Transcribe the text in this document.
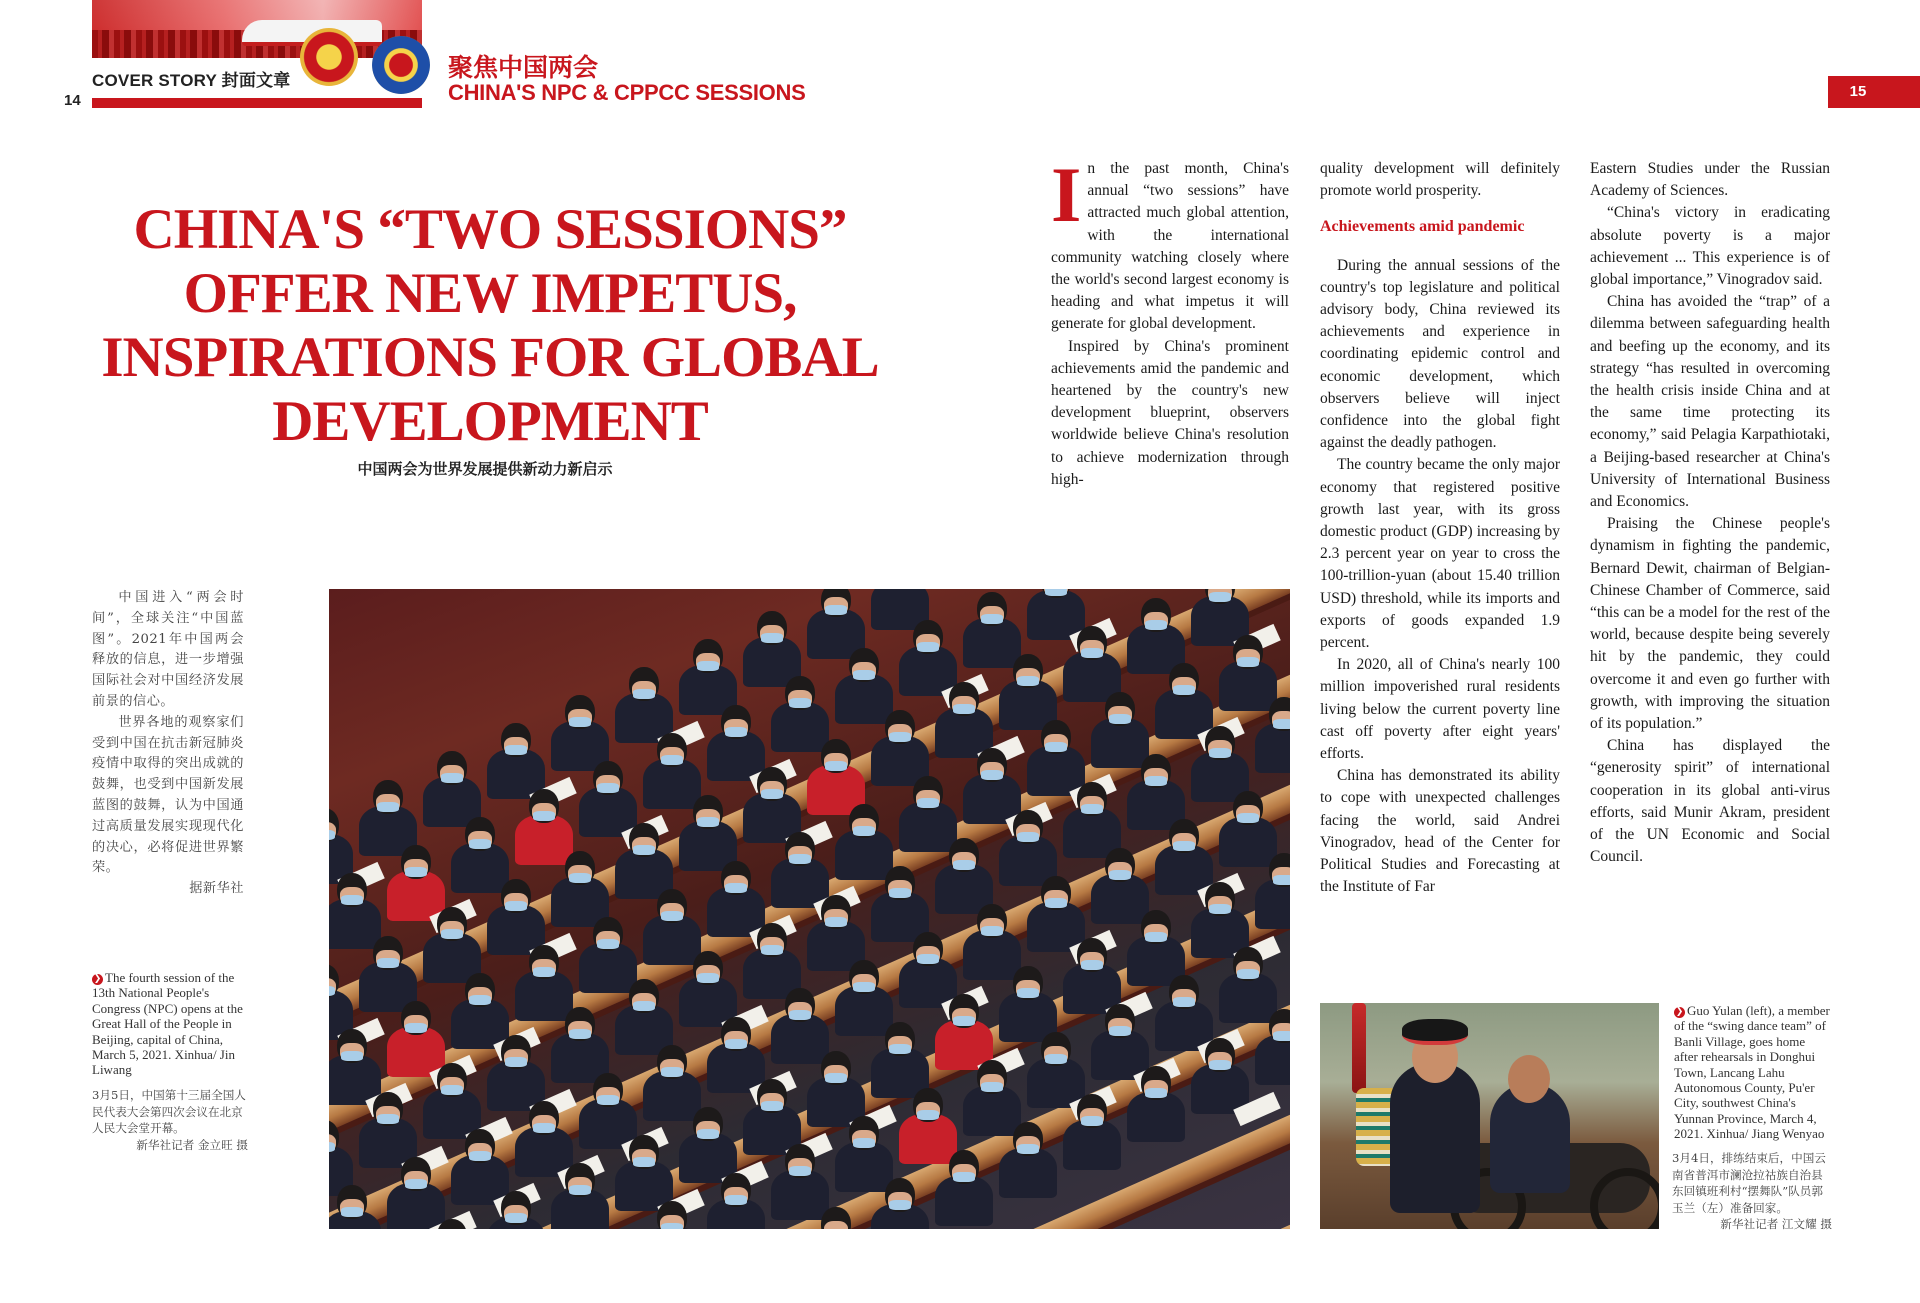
COVER STORY 封面文章	聚焦中国两会
CHINA'S NPC & CPPCC SESSIONS
14
15
CHINA'S “TWO SESSIONS”
OFFER NEW IMPETUS,
INSPIRATIONS FOR GLOBAL
DEVELOPMENT
中国两会为世界发展提供新动力新启示

In the past month, China's annual “two sessions” have attracted much global attention, with the international community watching closely where the world's second largest economy is heading and what impetus it will generate for global development.

Inspired by China's prominent achievements amid the pandemic and heartened by the country's new development blueprint, observers worldwide believe China's resolution to achieve modernization through high-

quality development will definitely promote world prosperity.

Achievements amid pandemic

During the annual sessions of the country's top legislature and political advisory body, China reviewed its achievements and experience in coordinating epidemic control and economic development, which observers believe will inject confidence into the global fight against the deadly pathogen.

The country became the only major economy that registered positive growth last year, with its gross domestic product (GDP) increasing by 2.3 percent year on year to cross the 100-trillion-yuan (about 15.40 trillion USD) threshold, while its imports and exports of goods expanded 1.9 percent.

In 2020, all of China's nearly 100 million impoverished rural residents living below the current poverty line cast off poverty after eight years' efforts.

China has demonstrated its ability to cope with unexpected challenges facing the world, said Andrei Vinogradov, head of the Center for Political Studies and Forecasting at the Institute of Far

Eastern Studies under the Russian Academy of Sciences.

“China's victory in eradicating absolute poverty is a major achievement ... This experience is of global importance,” Vinogradov said.

China has avoided the “trap” of a dilemma between safeguarding health and beefing up the economy, and its strategy “has resulted in overcoming the health crisis inside China and at the same time protecting its economy,” said Pelagia Karpathiotaki, a Beijing-based researcher at China's University of International Business and Economics.

Praising the Chinese people's dynamism in fighting the pandemic, Bernard Dewit, chairman of Belgian-Chinese Chamber of Commerce, said “this can be a model for the rest of the world, because despite being severely hit by the pandemic, they could overcome it and even go further with growth, with improving the situation of its population.”

China has displayed the “generosity spirit” of international cooperation in its global anti-virus efforts, said Munir Akram, president of the UN Economic and Social Council.

中国进入“两会时间”，全球关注“中国蓝图”。2021年中国两会释放的信息，进一步增强国际社会对中国经济发展前景的信心。

世界各地的观察家们受到中国在抗击新冠肺炎疫情中取得的突出成就的鼓舞，也受到中国新发展蓝图的鼓舞，认为中国通过高质量发展实现现代化的决心，必将促进世界繁荣。

据新华社

❯ The fourth session of the 13th National People's Congress (NPC) opens at the Great Hall of the People in Beijing, capital of China, March 5, 2021. Xinhua/ Jin Liwang
3月5日，中国第十三届全国人民代表大会第四次会议在北京人民大会堂开幕。
新华社记者 金立旺 摄
❯ Guo Yulan (left), a member of the “swing dance team” of Banli Village, goes home after rehearsals in Donghui Town, Lancang Lahu Autonomous County, Pu'er City, southwest China's Yunnan Province, March 4, 2021. Xinhua/ Jiang Wenyao
3月4日，排练结束后，中国云南省普洱市澜沧拉祜族自治县东回镇班利村“摆舞队”队员郭玉兰（左）准备回家。
新华社记者 江文耀 摄
